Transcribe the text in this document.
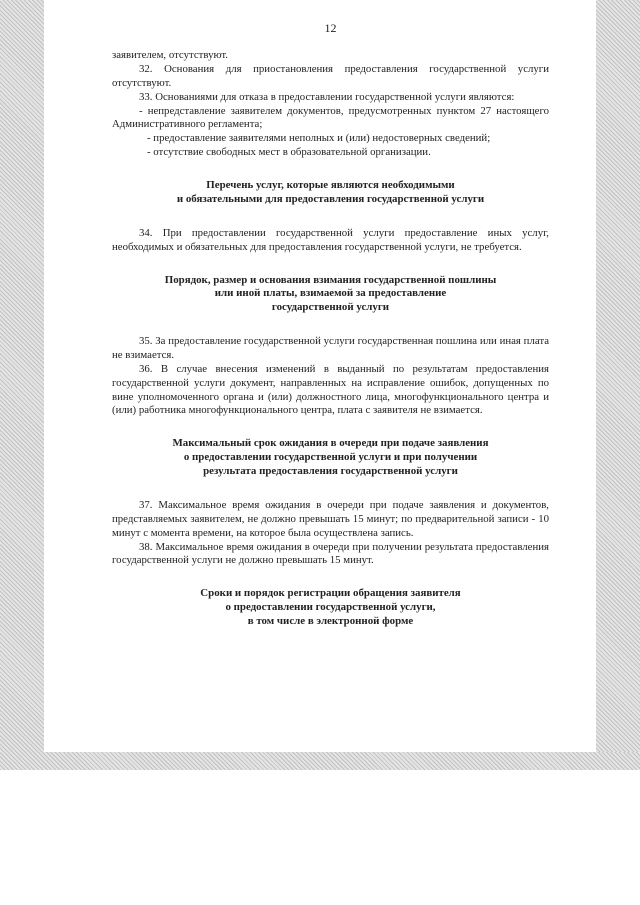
12

заявителем, отсутствуют.

32. Основания для приостановления предоставления государственной услуги отсутствуют.

33. Основаниями для отказа в предоставлении государственной услуги являются:

- непредставление заявителем документов, предусмотренных пунктом 27 настоящего Административного регламента;

- предоставление заявителями неполных и (или) недостоверных сведений;

- отсутствие свободных мест в образовательной организации.

Перечень услуг, которые являются необходимыми
и обязательными для предоставления государственной услуги

34. При предоставлении государственной услуги предоставление иных услуг, необходимых и обязательных для предоставления государственной услуги, не требуется.

Порядок, размер и основания взимания государственной пошлины
или иной платы, взимаемой за предоставление
государственной услуги

35. За предоставление государственной услуги государственная пошлина или иная плата не взимается.

36. В случае внесения изменений в выданный по результатам предоставления государственной услуги документ, направленных на исправление ошибок, допущенных по вине уполномоченного органа и (или) должностного лица, многофункционального центра и (или) работника многофункционального центра, плата с заявителя не взимается.

Максимальный срок ожидания в очереди при подаче заявления
о предоставлении государственной услуги и при получении
результата предоставления государственной услуги

37. Максимальное время ожидания в очереди при подаче заявления и документов, представляемых заявителем, не должно превышать 15 минут; по предварительной записи - 10 минут с момента времени, на которое была осуществлена запись.

38. Максимальное время ожидания в очереди при получении результата предоставления государственной услуги не должно превышать 15 минут.

Сроки и порядок регистрации обращения заявителя
о предоставлении государственной услуги,
в том числе в электронной форме
